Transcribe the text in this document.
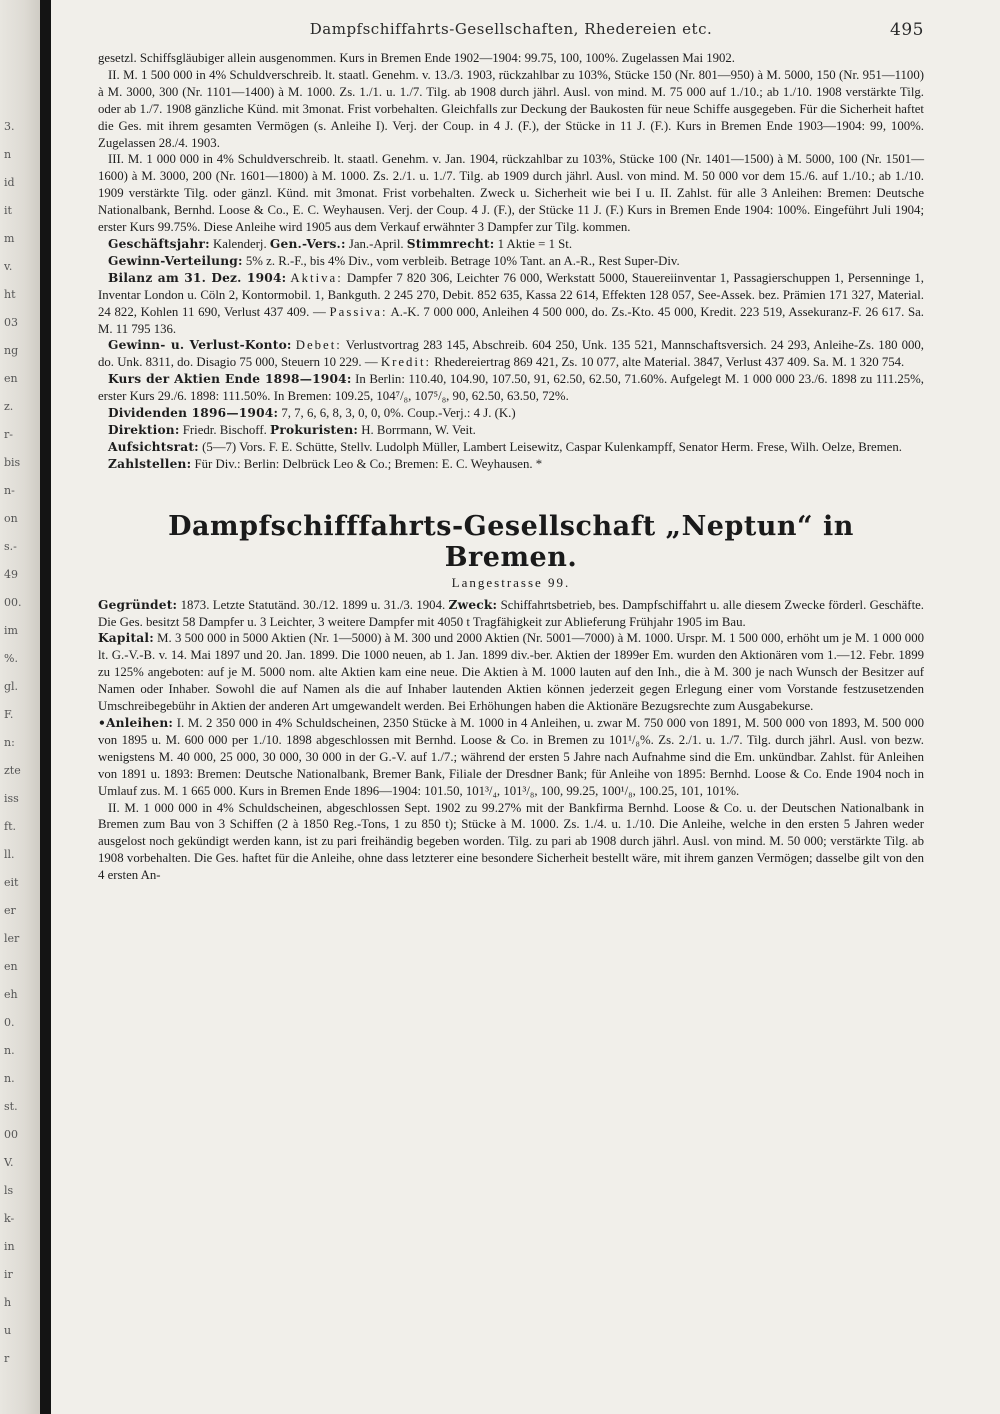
3.
n
id
it
m
v.
ht
03
ng
en
z.
r-
bis
n-
on
s.-
49
00.
im
%.
gl.
F.
n:
zte
iss
ft.
ll.
eit
er
ler
en
eh
0.
n.
n.
st.
00
V.
ls
k-
in
ir
h
u
r
Dampfschiffahrts-Gesellschaften, Rhedereien etc.	495

gesetzl. Schiffsgläubiger allein ausgenommen. Kurs in Bremen Ende 1902—1904: 99.75, 100, 100%. Zugelassen Mai 1902.

II. M. 1 500 000 in 4% Schuldverschreib. lt. staatl. Genehm. v. 13./3. 1903, rückzahlbar zu 103%, Stücke 150 (Nr. 801—950) à M. 5000, 150 (Nr. 951—1100) à M. 3000, 300 (Nr. 1101—1400) à M. 1000. Zs. 1./1. u. 1./7. Tilg. ab 1908 durch jährl. Ausl. von mind. M. 75 000 auf 1./10.; ab 1./10. 1908 verstärkte Tilg. oder ab 1./7. 1908 gänzliche Künd. mit 3monat. Frist vorbehalten. Gleichfalls zur Deckung der Baukosten für neue Schiffe ausgegeben. Für die Sicherheit haftet die Ges. mit ihrem gesamten Vermögen (s. Anleihe I). Verj. der Coup. in 4 J. (F.), der Stücke in 11 J. (F.). Kurs in Bremen Ende 1903—1904: 99, 100%. Zugelassen 28./4. 1903.

III. M. 1 000 000 in 4% Schuldverschreib. lt. staatl. Genehm. v. Jan. 1904, rückzahlbar zu 103%, Stücke 100 (Nr. 1401—1500) à M. 5000, 100 (Nr. 1501—1600) à M. 3000, 200 (Nr. 1601—1800) à M. 1000. Zs. 2./1. u. 1./7. Tilg. ab 1909 durch jährl. Ausl. von mind. M. 50 000 vor dem 15./6. auf 1./10.; ab 1./10. 1909 verstärkte Tilg. oder gänzl. Künd. mit 3monat. Frist vorbehalten. Zweck u. Sicherheit wie bei I u. II. Zahlst. für alle 3 Anleihen: Bremen: Deutsche Nationalbank, Bernhd. Loose & Co., E. C. Weyhausen. Verj. der Coup. 4 J. (F.), der Stücke 11 J. (F.) Kurs in Bremen Ende 1904: 100%. Eingeführt Juli 1904; erster Kurs 99.75%. Diese Anleihe wird 1905 aus dem Verkauf erwähnter 3 Dampfer zur Tilg. kommen.

Geschäftsjahr: Kalenderj. Gen.-Vers.: Jan.-April. Stimmrecht: 1 Aktie = 1 St.

Gewinn-Verteilung: 5% z. R.-F., bis 4% Div., vom verbleib. Betrage 10% Tant. an A.-R., Rest Super-Div.

Bilanz am 31. Dez. 1904: Aktiva: Dampfer 7 820 306, Leichter 76 000, Werkstatt 5000, Stauereiinventar 1, Passagierschuppen 1, Persenninge 1, Inventar London u. Cöln 2, Kontormobil. 1, Bankguth. 2 245 270, Debit. 852 635, Kassa 22 614, Effekten 128 057, See-Assek. bez. Prämien 171 327, Material. 24 822, Kohlen 11 690, Verlust 437 409. — Passiva: A.-K. 7 000 000, Anleihen 4 500 000, do. Zs.-Kto. 45 000, Kredit. 223 519, Assekuranz-F. 26 617. Sa. M. 11 795 136.

Gewinn- u. Verlust-Konto: Debet: Verlustvortrag 283 145, Abschreib. 604 250, Unk. 135 521, Mannschaftsversich. 24 293, Anleihe-Zs. 180 000, do. Unk. 8311, do. Disagio 75 000, Steuern 10 229. — Kredit: Rhedereiertrag 869 421, Zs. 10 077, alte Material. 3847, Verlust 437 409. Sa. M. 1 320 754.

Kurs der Aktien Ende 1898—1904: In Berlin: 110.40, 104.90, 107.50, 91, 62.50, 62.50, 71.60%. Aufgelegt M. 1 000 000 23./6. 1898 zu 111.25%, erster Kurs 29./6. 1898: 111.50%. In Bremen: 109.25, 104⁷/₈, 107⁵/₈, 90, 62.50, 63.50, 72%.

Dividenden 1896—1904: 7, 7, 6, 6, 8, 3, 0, 0, 0%. Coup.-Verj.: 4 J. (K.)

Direktion: Friedr. Bischoff. Prokuristen: H. Borrmann, W. Veit.

Aufsichtsrat: (5—7) Vors. F. E. Schütte, Stellv. Ludolph Müller, Lambert Leisewitz, Caspar Kulenkampff, Senator Herm. Frese, Wilh. Oelze, Bremen.

Zahlstellen: Für Div.: Berlin: Delbrück Leo & Co.; Bremen: E. C. Weyhausen. *

Dampfschifffahrts-Gesellschaft „Neptun“ in Bremen.

Langestrasse 99.

Gegründet: 1873. Letzte Statutänd. 30./12. 1899 u. 31./3. 1904. Zweck: Schiffahrtsbetrieb, bes. Dampfschiffahrt u. alle diesem Zwecke förderl. Geschäfte. Die Ges. besitzt 58 Dampfer u. 3 Leichter, 3 weitere Dampfer mit 4050 t Tragfähigkeit zur Ablieferung Frühjahr 1905 im Bau.

Kapital: M. 3 500 000 in 5000 Aktien (Nr. 1—5000) à M. 300 und 2000 Aktien (Nr. 5001—7000) à M. 1000. Urspr. M. 1 500 000, erhöht um je M. 1 000 000 lt. G.-V.-B. v. 14. Mai 1897 und 20. Jan. 1899. Die 1000 neuen, ab 1. Jan. 1899 div.-ber. Aktien der 1899er Em. wurden den Aktionären vom 1.—12. Febr. 1899 zu 125% angeboten: auf je M. 5000 nom. alte Aktien kam eine neue. Die Aktien à M. 1000 lauten auf den Inh., die à M. 300 je nach Wunsch der Besitzer auf Namen oder Inhaber. Sowohl die auf Namen als die auf Inhaber lautenden Aktien können jederzeit gegen Erlegung einer vom Vorstande festzusetzenden Umschreibegebühr in Aktien der anderen Art umgewandelt werden. Bei Erhöhungen haben die Aktionäre Bezugsrechte zum Ausgabekurse.

•Anleihen: I. M. 2 350 000 in 4% Schuldscheinen, 2350 Stücke à M. 1000 in 4 Anleihen, u. zwar M. 750 000 von 1891, M. 500 000 von 1893, M. 500 000 von 1895 u. M. 600 000 per 1./10. 1898 abgeschlossen mit Bernhd. Loose & Co. in Bremen zu 101¹/₈%. Zs. 2./1. u. 1./7. Tilg. durch jährl. Ausl. von bezw. wenigstens M. 40 000, 25 000, 30 000, 30 000 in der G.-V. auf 1./7.; während der ersten 5 Jahre nach Aufnahme sind die Em. unkündbar. Zahlst. für Anleihen von 1891 u. 1893: Bremen: Deutsche Nationalbank, Bremer Bank, Filiale der Dresdner Bank; für Anleihe von 1895: Bernhd. Loose & Co. Ende 1904 noch in Umlauf zus. M. 1 665 000. Kurs in Bremen Ende 1896—1904: 101.50, 101³/₄, 101³/₈, 100, 99.25, 100¹/₈, 100.25, 101, 101%.

II. M. 1 000 000 in 4% Schuldscheinen, abgeschlossen Sept. 1902 zu 99.27% mit der Bankfirma Bernhd. Loose & Co. u. der Deutschen Nationalbank in Bremen zum Bau von 3 Schiffen (2 à 1850 Reg.-Tons, 1 zu 850 t); Stücke à M. 1000. Zs. 1./4. u. 1./10. Die Anleihe, welche in den ersten 5 Jahren weder ausgelost noch gekündigt werden kann, ist zu pari freihändig begeben worden. Tilg. zu pari ab 1908 durch jährl. Ausl. von mind. M. 50 000; verstärkte Tilg. ab 1908 vorbehalten. Die Ges. haftet für die Anleihe, ohne dass letzterer eine besondere Sicherheit bestellt wäre, mit ihrem ganzen Vermögen; dasselbe gilt von den 4 ersten An-
